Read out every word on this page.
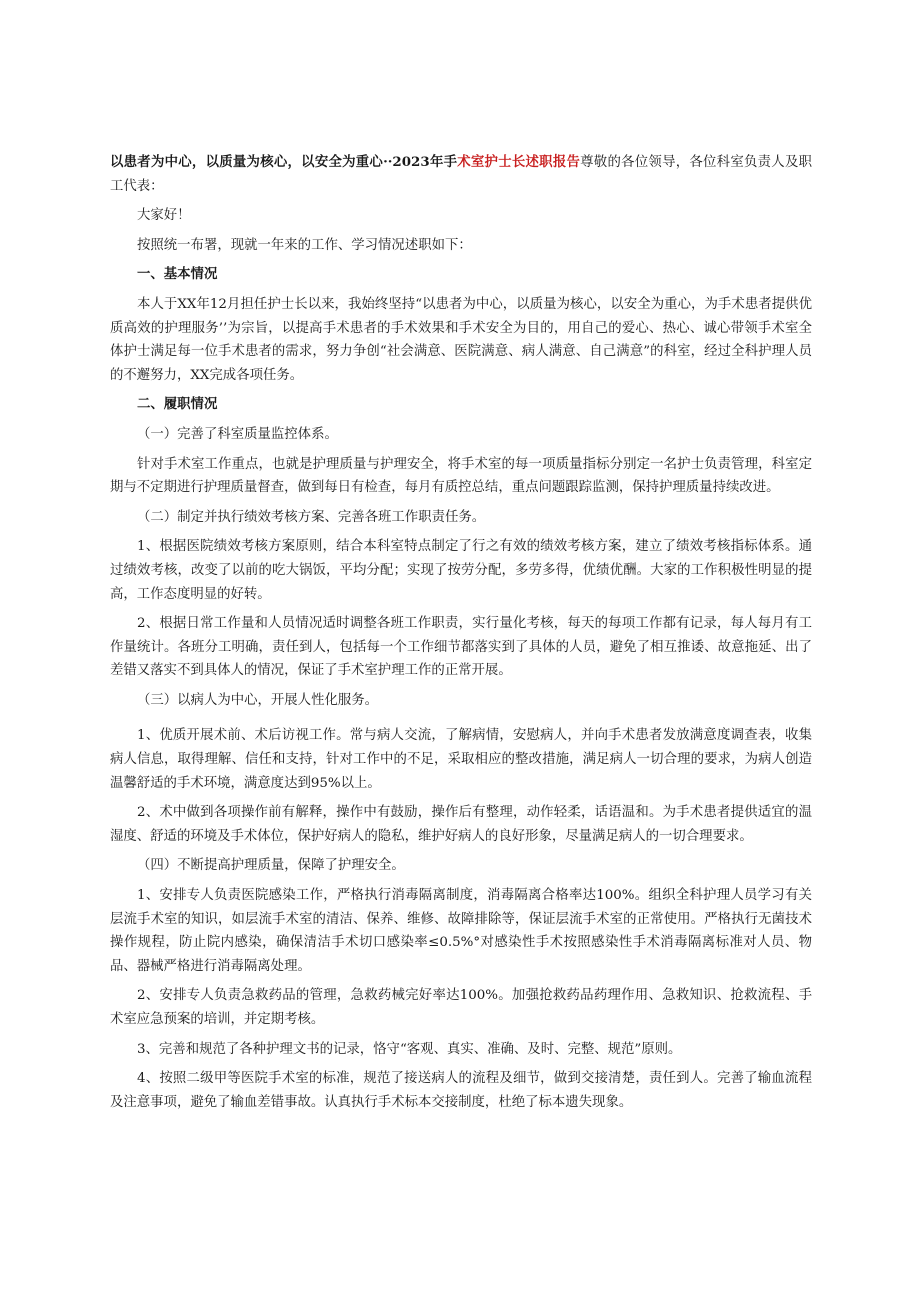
以患者为中心，以质量为核心，以安全为重心··2023年手术室护士长述职报告尊敬的各位领导，各位科室负责人及职工代表：

大家好！

按照统一布署，现就一年来的工作、学习情况述职如下：

一、基本情况

本人于XX年12月担任护士长以来，我始终坚持“以患者为中心，以质量为核心，以安全为重心，为手术患者提供优质高效的护理服务’’为宗旨，以提高手术患者的手术效果和手术安全为目的，用自己的爱心、热心、诚心带领手术室全体护士满足每一位手术患者的需求，努力争创“社会满意、医院满意、病人满意、自己满意”的科室，经过全科护理人员的不邂努力，XX完成各项任务。

二、履职情况

（一）完善了科室质量监控体系。

针对手术室工作重点，也就是护理质量与护理安全，将手术室的每一项质量指标分别定一名护士负责管理，科室定期与不定期进行护理质量督查，做到每日有检查，每月有质控总结，重点问题跟踪监测，保持护理质量持续改进。

（二）制定并执行绩效考核方案、完善各班工作职责任务。

1、根据医院绩效考核方案原则，结合本科室特点制定了行之有效的绩效考核方案，建立了绩效考核指标体系。通过绩效考核，改变了以前的吃大锅饭，平均分配；实现了按劳分配，多劳多得，优绩优酬。大家的工作积极性明显的提高，工作态度明显的好转。

2、根据日常工作量和人员情况适时调整各班工作职责，实行量化考核，每天的每项工作都有记录，每人每月有工作量统计。各班分工明确，责任到人，包括每一个工作细节都落实到了具体的人员，避免了相互推诿、故意拖延、出了差错又落实不到具体人的情况，保证了手术室护理工作的正常开展。

（三）以病人为中心，开展人性化服务。

1、优质开展术前、术后访视工作。常与病人交流，了解病情，安慰病人，并向手术患者发放满意度调查表，收集病人信息，取得理解、信任和支持，针对工作中的不足，采取相应的整改措施，满足病人一切合理的要求，为病人创造温馨舒适的手术环境，满意度达到95%以上。

2、术中做到各项操作前有解释，操作中有鼓励，操作后有整理，动作轻柔，话语温和。为手术患者提供适宜的温湿度、舒适的环境及手术体位，保护好病人的隐私，维护好病人的良好形象，尽量满足病人的一切合理要求。

（四）不断提高护理质量，保障了护理安全。

1、安排专人负责医院感染工作，严格执行消毒隔离制度，消毒隔离合格率达100%。组织全科护理人员学习有关层流手术室的知识，如层流手术室的清洁、保养、维修、故障排除等，保证层流手术室的正常使用。严格执行无菌技术操作规程，防止院内感染，确保清洁手术切口感染率≤0.5%°对感染性手术按照感染性手术消毒隔离标准对人员、物品、器械严格进行消毒隔离处理。

2、安排专人负责急救药品的管理，急救药械完好率达100%。加强抢救药品药理作用、急救知识、抢救流程、手术室应急预案的培训，并定期考核。

3、完善和规范了各种护理文书的记录，恪守“客观、真实、准确、及时、完整、规范”原则。

4、按照二级甲等医院手术室的标准，规范了接送病人的流程及细节，做到交接清楚，责任到人。完善了输血流程及注意事项，避免了输血差错事故。认真执行手术标本交接制度，杜绝了标本遗失现象。
